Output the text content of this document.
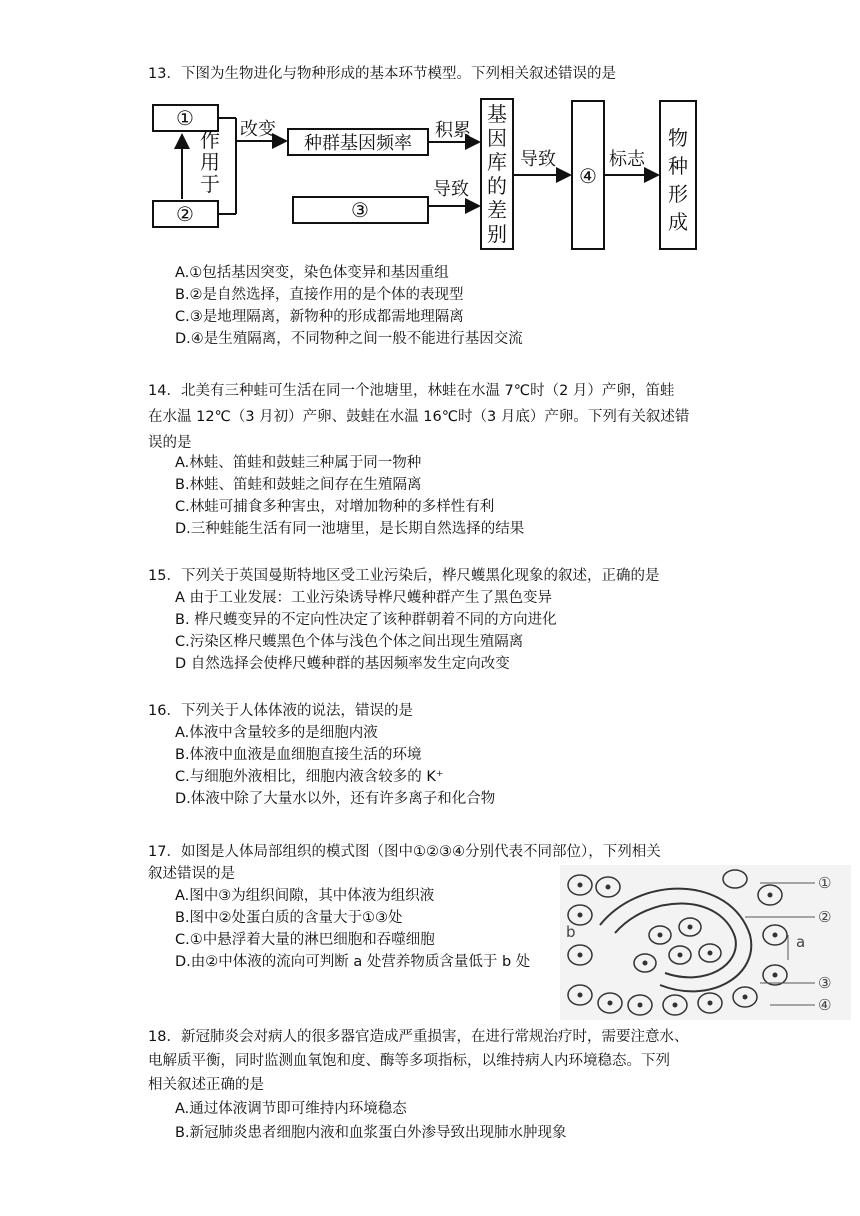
13．下图为生物进化与物种形成的基本环节模型。下列相关叙述错误的是

①
②
作
用
于
改变
种群基因频率
积累
③
导致
基
因
库
的
差
别
导致
④
标志
物
种
形
成

A.①包括基因突变，染色体变异和基因重组

B.②是自然选择，直接作用的是个体的表现型

C.③是地理隔离，新物种的形成都需地理隔离

D.④是生殖隔离，不同物种之间一般不能进行基因交流

14．北美有三种蛙可生活在同一个池塘里，林蛙在水温 7℃时（2 月）产卵，笛蛙

在水温 12℃（3 月初）产卵、鼓蛙在水温 16℃时（3 月底）产卵。下列有关叙述错

误的是

A.林蛙、笛蛙和鼓蛙三种属于同一物种

B.林蛙、笛蛙和鼓蛙之间存在生殖隔离

C.林蛙可捕食多种害虫，对增加物种的多样性有利

D.三种蛙能生活有同一池塘里，是长期自然选择的结果

15．下列关于英国曼斯特地区受工业污染后，桦尺蠖黑化现象的叙述，正确的是

A 由于工业发展：工业污染诱导桦尺蠖种群产生了黑色变异

B. 桦尺蠖变异的不定向性决定了该种群朝着不同的方向进化

C.污染区桦尺蠖黑色个体与浅色个体之间出现生殖隔离

D 自然选择会使桦尺蠖种群的基因频率发生定向改变

16．下列关于人体体液的说法，错误的是

A.体液中含量较多的是细胞内液

B.体液中血液是血细胞直接生活的环境

C.与细胞外液相比，细胞内液含较多的 K⁺

D.体液中除了大量水以外，还有许多离子和化合物

17．如图是人体局部组织的模式图（图中①②③④分别代表不同部位），下列相关

叙述错误的是

A.图中③为组织间隙，其中体液为组织液

B.图中②处蛋白质的含量大于①③处

C.①中悬浮着大量的淋巴细胞和吞噬细胞

D.由②中体液的流向可判断 a 处营养物质含量低于 b 处

①
②
③
④
a
b

18．新冠肺炎会对病人的很多器官造成严重损害，在进行常规治疗时，需要注意水、

电解质平衡，同时监测血氧饱和度、酶等多项指标，以维持病人内环境稳态。下列

相关叙述正确的是

A.通过体液调节即可维持内环境稳态

B.新冠肺炎患者细胞内液和血浆蛋白外渗导致出现肺水肿现象
